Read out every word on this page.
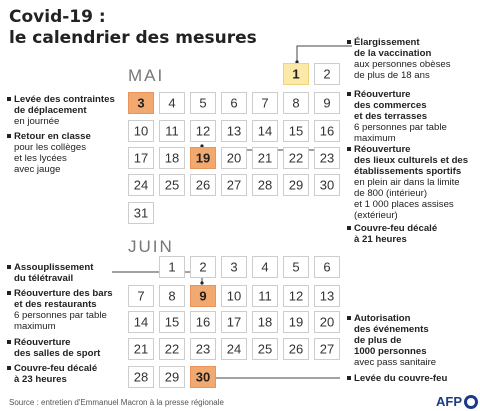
Covid-19 :
le calendrier des mesures
MAI
JUIN
1 2
3 4 5 6 7 8 9
10 11 12 13 14 15 16
17 18 19 20 21 22 23
24 25 26 27 28 29 30
31
1 2 3 4 5 6
7 8 9 10 11 12 13
14 15 16 17 18 19 20
21 22 23 24 25 26 27
28 29 30
Levée des contraintes
de déplacement
en journée
Retour en classe
pour les collèges
et les lycées
avec jauge
Assouplissement
du télétravail
Réouverture des bars
et des restaurants
6 personnes par table
maximum
Réouverture
des salles de sport
Couvre-feu décalé
à 23 heures
Élargissement
de la vaccination
aux personnes obèses
de plus de 18 ans
Réouverture
des commerces
et des terrasses
6 personnes par table
maximum
Réouverture
des lieux culturels et des
établissements sportifs
en plein air dans la limite
de 800 (intérieur)
et 1 000 places assises
(extérieur)
Couvre-feu décalé
à 21 heures
Autorisation
des événements
de plus de
1000 personnes
avec pass sanitaire
Levée du couvre-feu
Source : entretien d'Emmanuel Macron à la presse régionale	AFP
